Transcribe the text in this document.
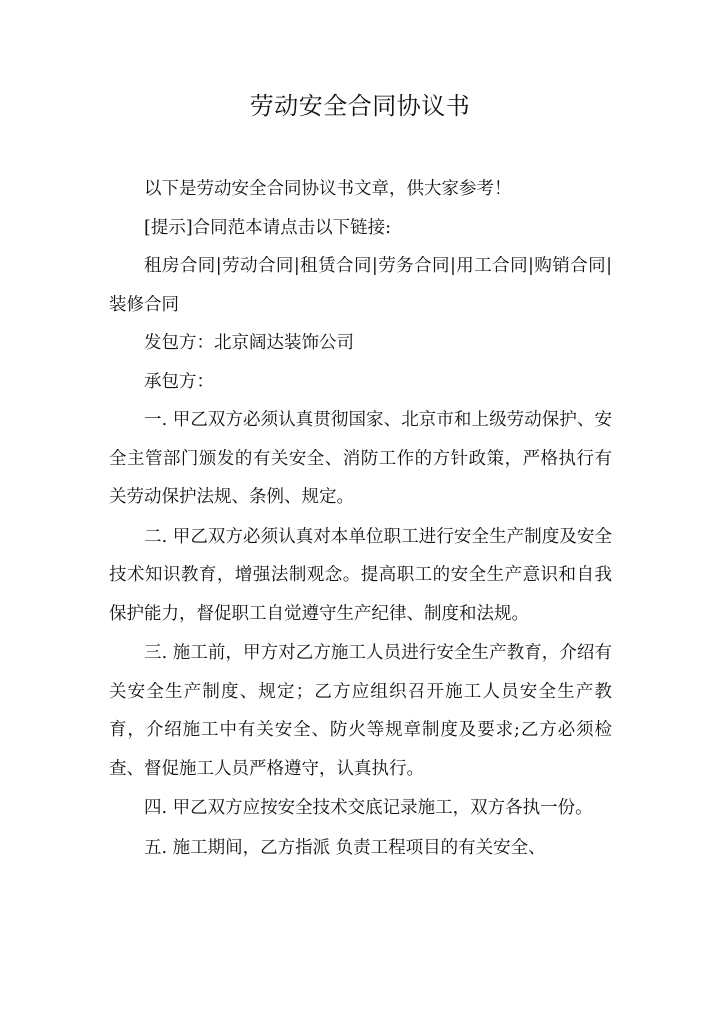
劳动安全合同协议书

以下是劳动安全合同协议书文章，供大家参考！

[提示]合同范本请点击以下链接:

租房合同|劳动合同|租赁合同|劳务合同|用工合同|购销合同|装修合同

发包方：北京阔达装饰公司

承包方：

一. 甲乙双方必须认真贯彻国家、北京市和上级劳动保护、安全主管部门颁发的有关安全、消防工作的方针政策，严格执行有关劳动保护法规、条例、规定。

二. 甲乙双方必须认真对本单位职工进行安全生产制度及安全技术知识教育，增强法制观念。提高职工的安全生产意识和自我保护能力，督促职工自觉遵守生产纪律、制度和法规。

三. 施工前，甲方对乙方施工人员进行安全生产教育，介绍有关安全生产制度、规定；乙方应组织召开施工人员安全生产教育，介绍施工中有关安全、防火等规章制度及要求;乙方必须检查、督促施工人员严格遵守，认真执行。

四. 甲乙双方应按安全技术交底记录施工，双方各执一份。

五. 施工期间，乙方指派 负责工程项目的有关安全、
